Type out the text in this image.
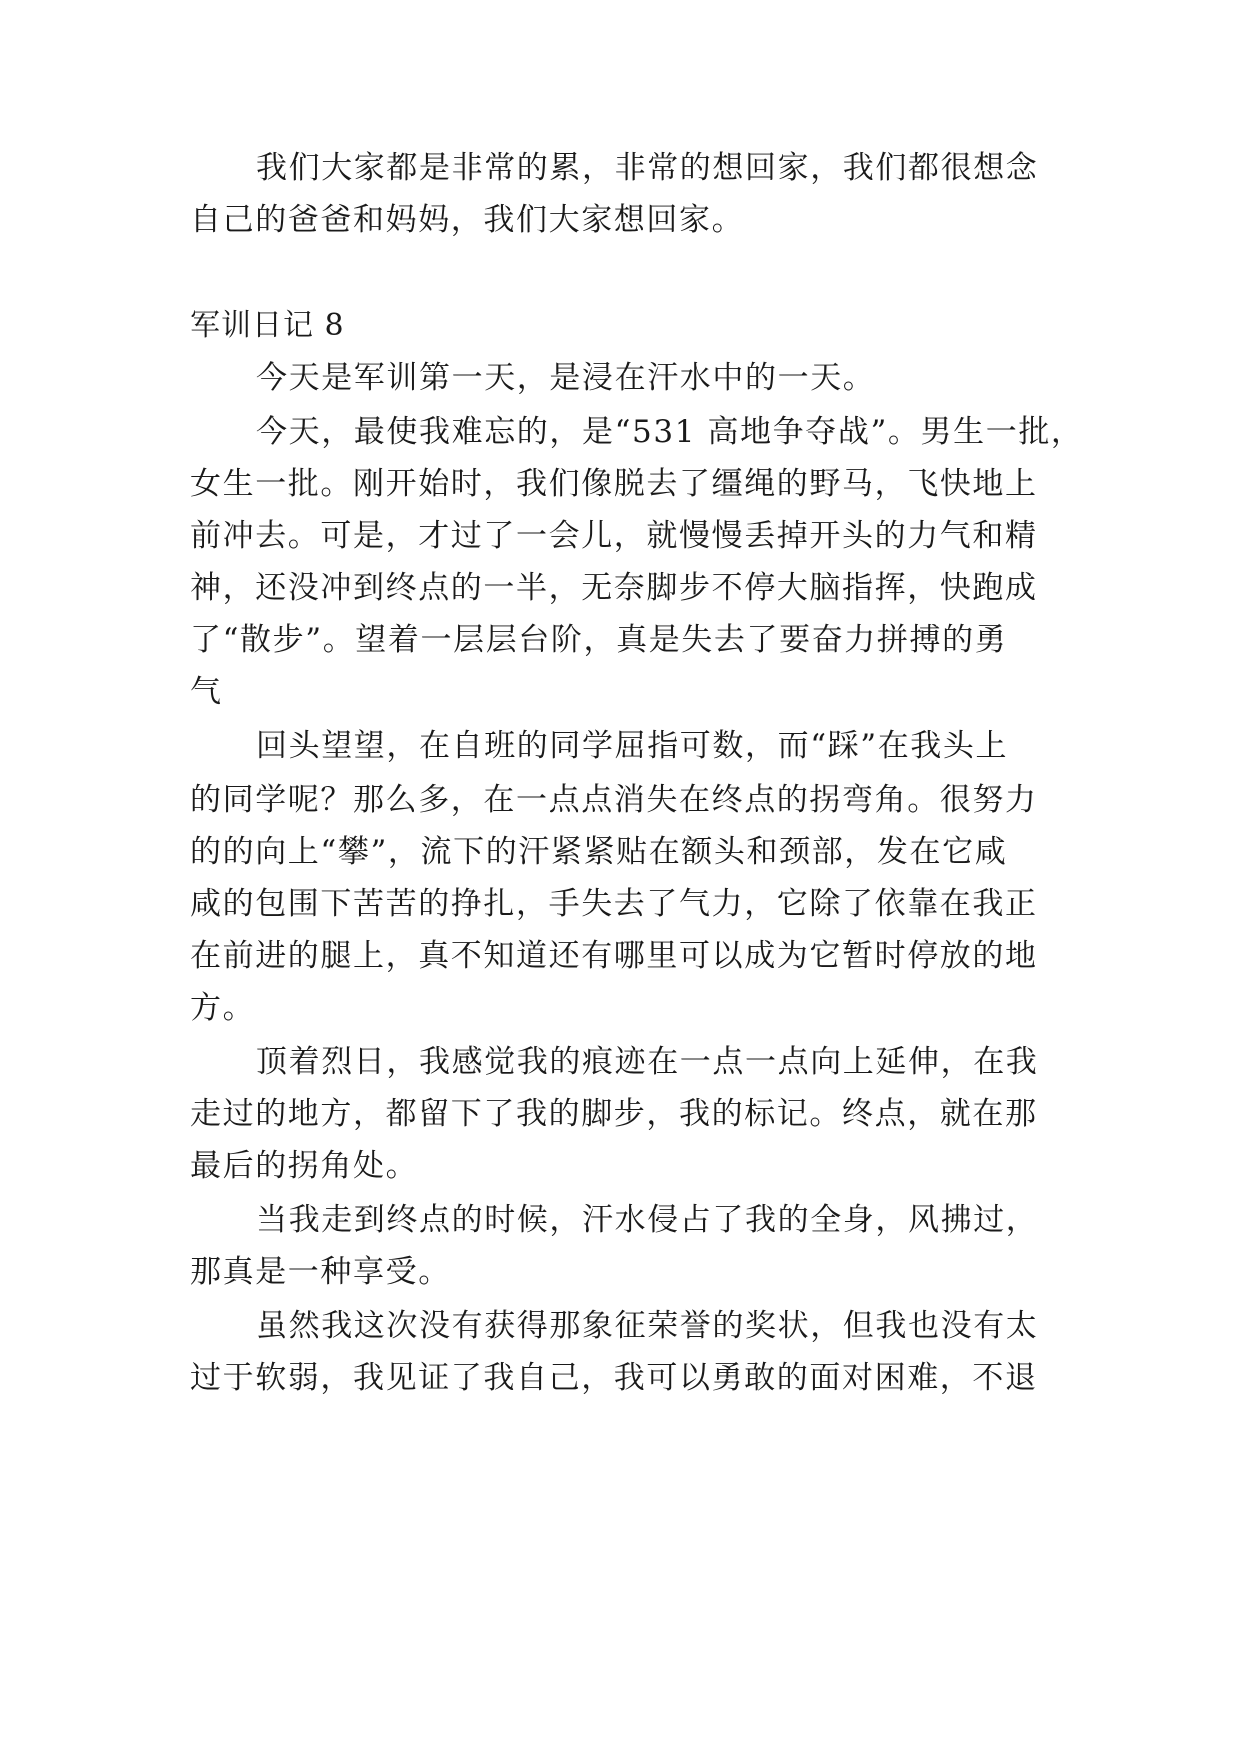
我们大家都是非常的累，非常的想回家，我们都很想念
自己的爸爸和妈妈，我们大家想回家。
军训日记 8
今天是军训第一天，是浸在汗水中的一天。
今天，最使我难忘的，是“531 高地争夺战”。男生一批，
女生一批。刚开始时，我们像脱去了缰绳的野马，飞快地上
前冲去。可是，才过了一会儿，就慢慢丢掉开头的力气和精
神，还没冲到终点的一半，无奈脚步不停大脑指挥，快跑成
了“散步”。望着一层层台阶，真是失去了要奋力拼搏的勇
气
回头望望，在自班的同学屈指可数，而“踩”在我头上
的同学呢？那么多，在一点点消失在终点的拐弯角。很努力
的的向上“攀”，流下的汗紧紧贴在额头和颈部，发在它咸
咸的包围下苦苦的挣扎，手失去了气力，它除了依靠在我正
在前进的腿上，真不知道还有哪里可以成为它暂时停放的地
方。
顶着烈日，我感觉我的痕迹在一点一点向上延伸，在我
走过的地方，都留下了我的脚步，我的标记。终点，就在那
最后的拐角处。
当我走到终点的时候，汗水侵占了我的全身，风拂过，
那真是一种享受。
虽然我这次没有获得那象征荣誉的奖状，但我也没有太
过于软弱，我见证了我自己，我可以勇敢的面对困难，不退
